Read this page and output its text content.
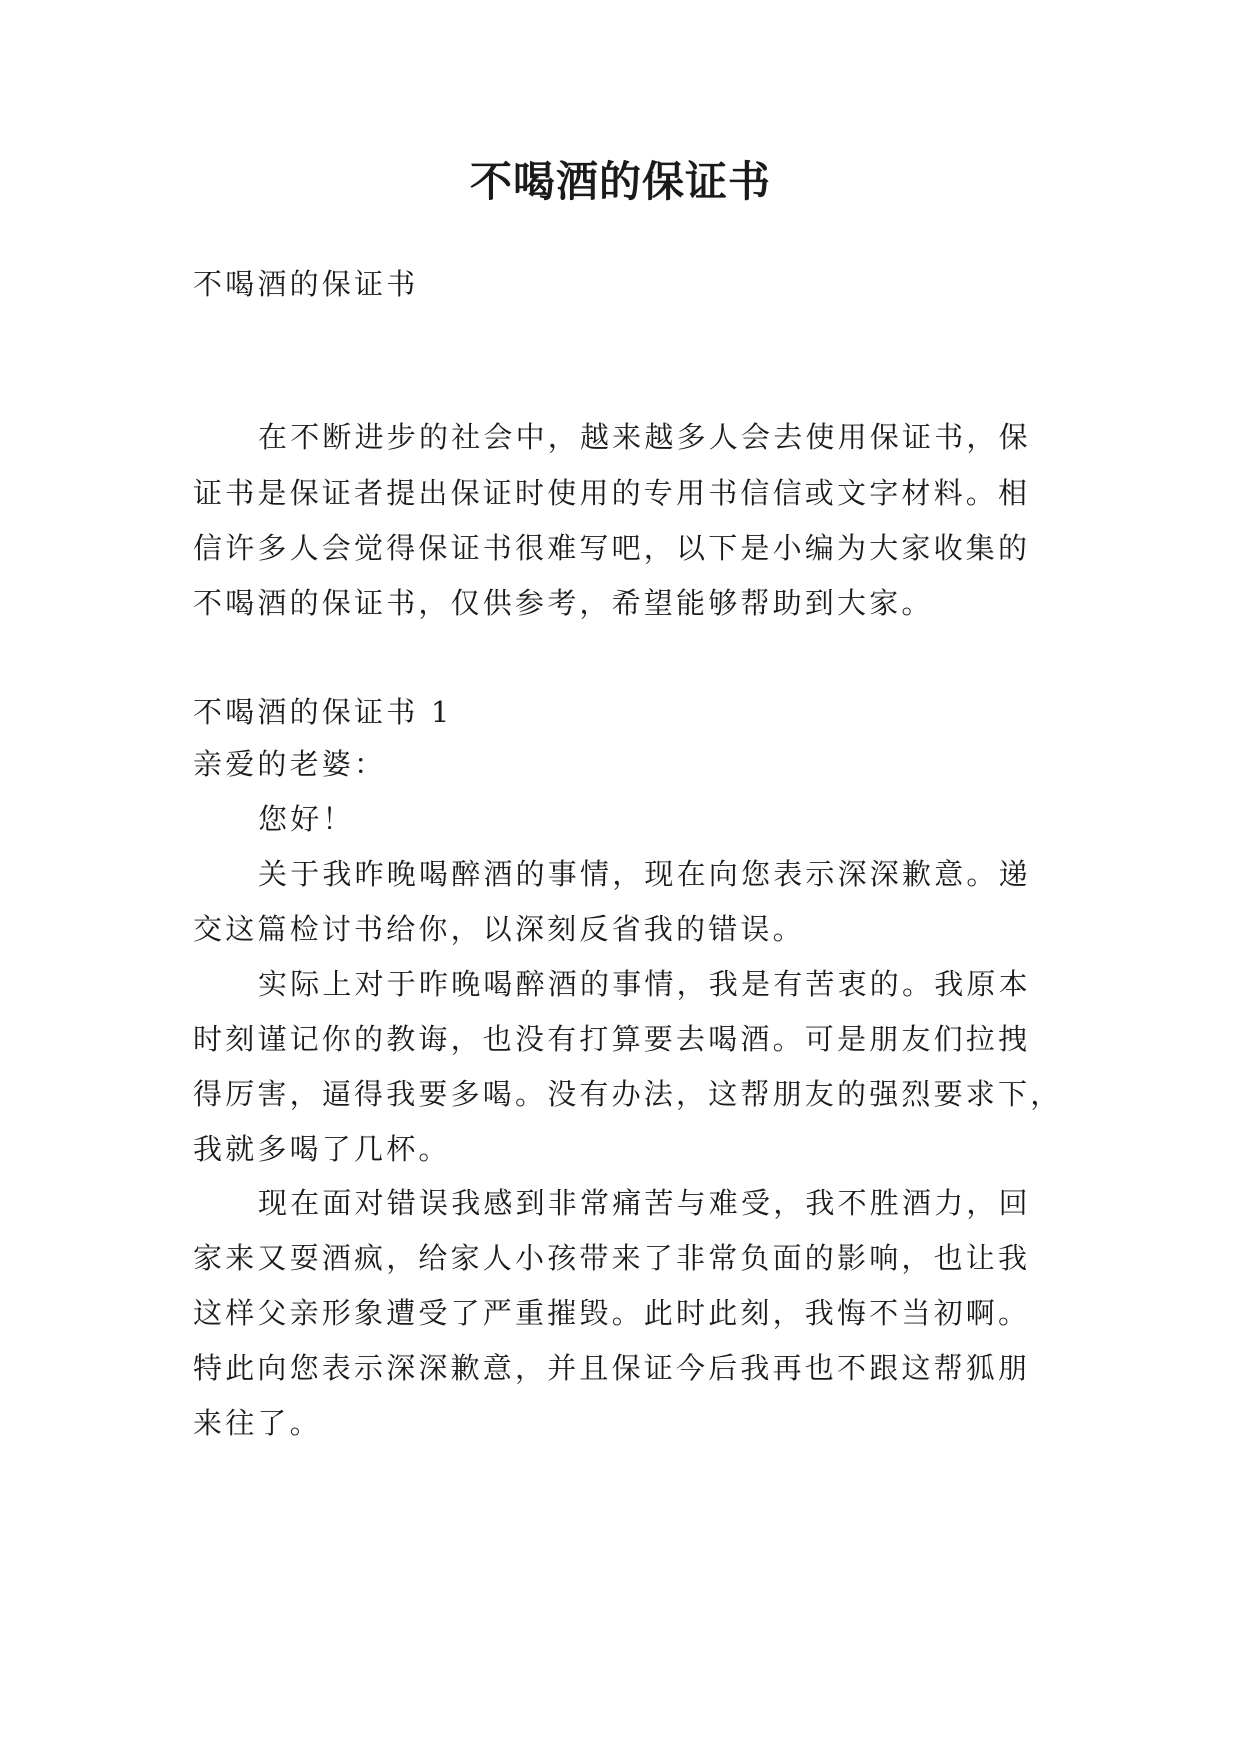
不喝酒的保证书
不喝酒的保证书
在不断进步的社会中，越来越多人会去使用保证书，保
证书是保证者提出保证时使用的专用书信信或文字材料。相
信许多人会觉得保证书很难写吧，以下是小编为大家收集的
不喝酒的保证书，仅供参考，希望能够帮助到大家。
不喝酒的保证书 1
亲爱的老婆：
您好！
关于我昨晚喝醉酒的事情，现在向您表示深深歉意。递
交这篇检讨书给你，以深刻反省我的错误。
实际上对于昨晚喝醉酒的事情，我是有苦衷的。我原本
时刻谨记你的教诲，也没有打算要去喝酒。可是朋友们拉拽
得厉害，逼得我要多喝。没有办法，这帮朋友的强烈要求下，
我就多喝了几杯。
现在面对错误我感到非常痛苦与难受，我不胜酒力，回
家来又耍酒疯，给家人小孩带来了非常负面的影响，也让我
这样父亲形象遭受了严重摧毁。此时此刻，我悔不当初啊。
特此向您表示深深歉意，并且保证今后我再也不跟这帮狐朋
来往了。
